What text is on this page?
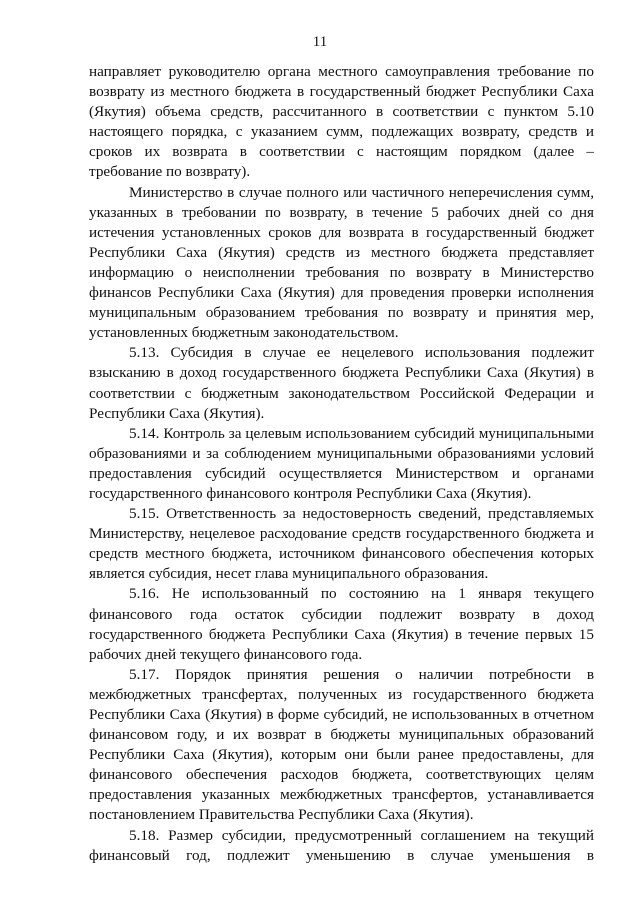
11
направляет руководителю органа местного самоуправления требование по
возврату из местного бюджета в государственный бюджет Республики Саха
(Якутия) объема средств, рассчитанного в соответствии с пунктом 5.10
настоящего порядка, с указанием сумм, подлежащих возврату, средств и
сроков их возврата в соответствии с настоящим порядком (далее –
требование по возврату).
Министерство в случае полного или частичного неперечисления сумм,
указанных в требовании по возврату, в течение 5 рабочих дней со дня
истечения установленных сроков для возврата в государственный бюджет
Республики Саха (Якутия) средств из местного бюджета представляет
информацию о неисполнении требования по возврату в Министерство
финансов Республики Саха (Якутия) для проведения проверки исполнения
муниципальным образованием требования по возврату и принятия мер,
установленных бюджетным законодательством.
5.13. Субсидия в случае ее нецелевого использования подлежит
взысканию в доход государственного бюджета Республики Саха (Якутия) в
соответствии с бюджетным законодательством Российской Федерации и
Республики Саха (Якутия).
5.14. Контроль за целевым использованием субсидий муниципальными
образованиями и за соблюдением муниципальными образованиями условий
предоставления субсидий осуществляется Министерством и органами
государственного финансового контроля Республики Саха (Якутия).
5.15. Ответственность за недостоверность сведений, представляемых
Министерству, нецелевое расходование средств государственного бюджета и
средств местного бюджета, источником финансового обеспечения которых
является субсидия, несет глава муниципального образования.
5.16. Не использованный по состоянию на 1 января текущего
финансового года остаток субсидии подлежит возврату в доход
государственного бюджета Республики Саха (Якутия) в течение первых 15
рабочих дней текущего финансового года.
5.17. Порядок принятия решения о наличии потребности в
межбюджетных трансфертах, полученных из государственного бюджета
Республики Саха (Якутия) в форме субсидий, не использованных в отчетном
финансовом году, и их возврат в бюджеты муниципальных образований
Республики Саха (Якутия), которым они были ранее предоставлены, для
финансового обеспечения расходов бюджета, соответствующих целям
предоставления указанных межбюджетных трансфертов, устанавливается
постановлением Правительства Республики Саха (Якутия).
5.18. Размер субсидии, предусмотренный соглашением на текущий
финансовый год, подлежит уменьшению в случае уменьшения в
